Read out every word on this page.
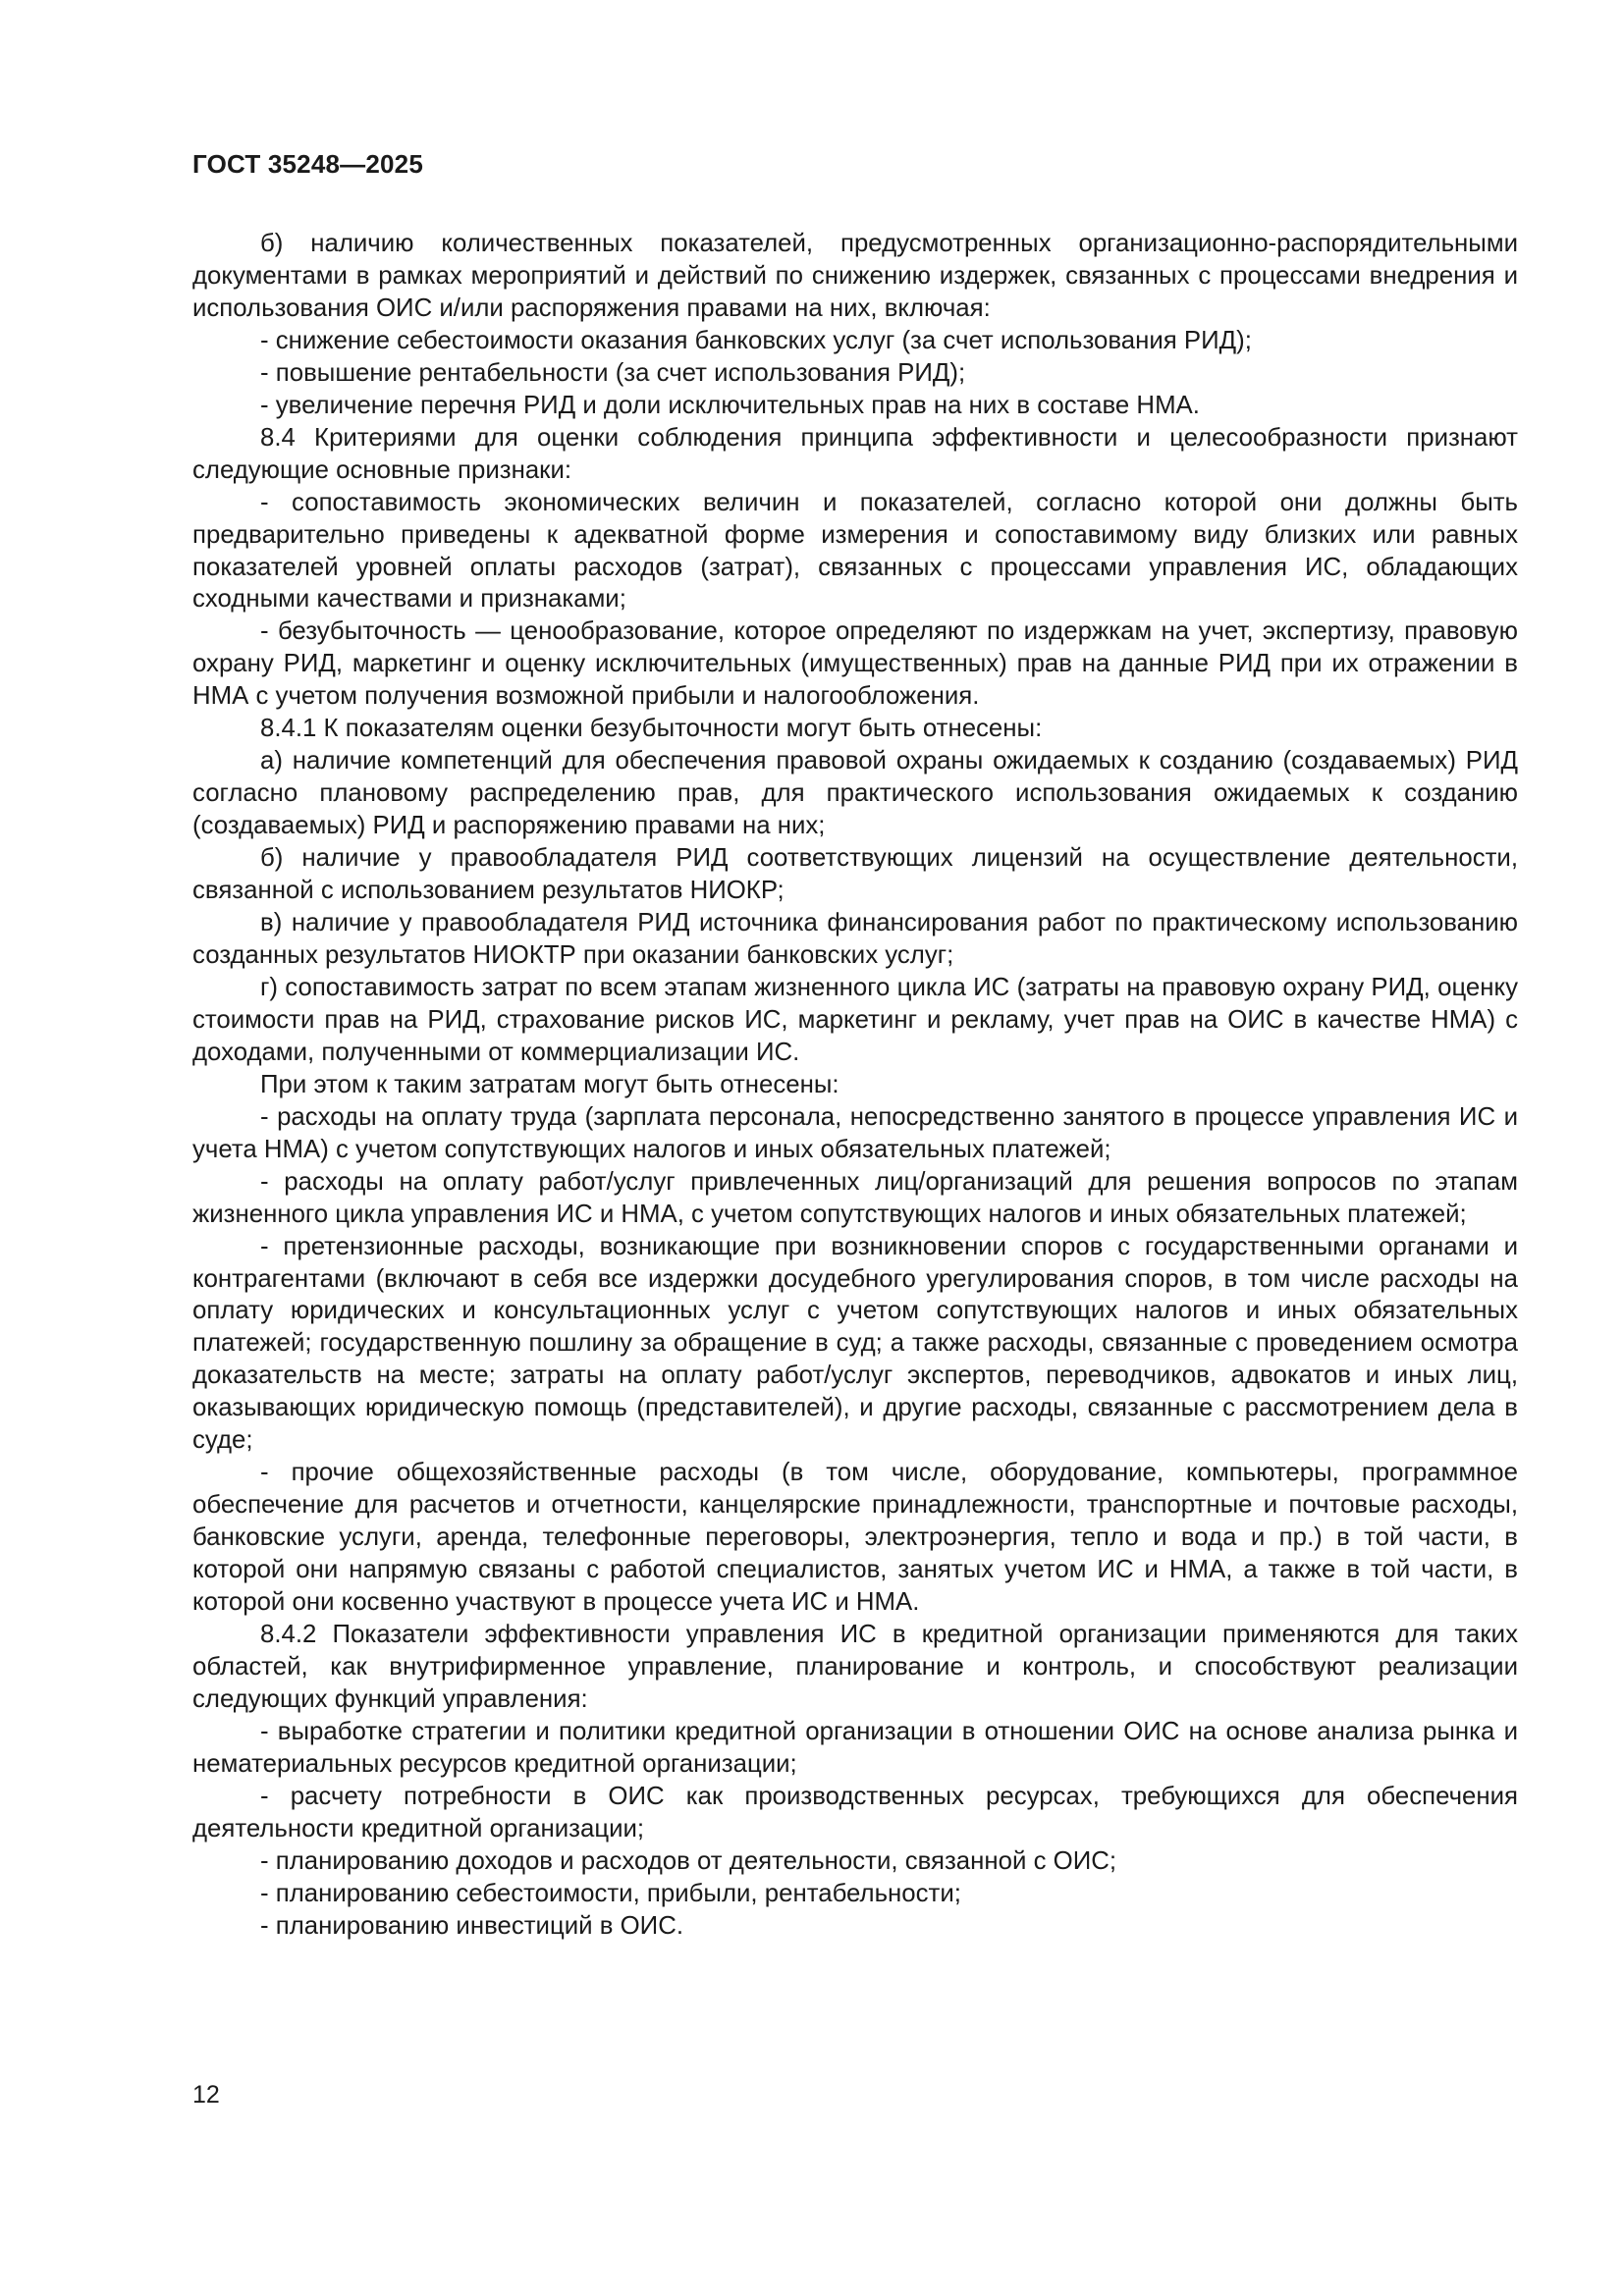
ГОСТ 35248—2025

б) наличию количественных показателей, предусмотренных организационно-распорядительными документами в рамках мероприятий и действий по снижению издержек, связанных с процессами внедрения и использования ОИС и/или распоряжения правами на них, включая:

- снижение себестоимости оказания банковских услуг (за счет использования РИД);

- повышение рентабельности (за счет использования РИД);

- увеличение перечня РИД и доли исключительных прав на них в составе НМА.

8.4 Критериями для оценки соблюдения принципа эффективности и целесообразности признают следующие основные признаки:

- сопоставимость экономических величин и показателей, согласно которой они должны быть предварительно приведены к адекватной форме измерения и сопоставимому виду близких или равных показателей уровней оплаты расходов (затрат), связанных с процессами управления ИС, обладающих сходными качествами и признаками;

- безубыточность — ценообразование, которое определяют по издержкам на учет, экспертизу, правовую охрану РИД, маркетинг и оценку исключительных (имущественных) прав на данные РИД при их отражении в НМА с учетом получения возможной прибыли и налогообложения.

8.4.1 К показателям оценки безубыточности могут быть отнесены:

а) наличие компетенций для обеспечения правовой охраны ожидаемых к созданию (создаваемых) РИД согласно плановому распределению прав, для практического использования ожидаемых к созданию (создаваемых) РИД и распоряжению правами на них;

б) наличие у правообладателя РИД соответствующих лицензий на осуществление деятельности, связанной с использованием результатов НИОКР;

в) наличие у правообладателя РИД источника финансирования работ по практическому использованию созданных результатов НИОКТР при оказании банковских услуг;

г) сопоставимость затрат по всем этапам жизненного цикла ИС (затраты на правовую охрану РИД, оценку стоимости прав на РИД, страхование рисков ИС, маркетинг и рекламу, учет прав на ОИС в качестве НМА) с доходами, полученными от коммерциализации ИС.

При этом к таким затратам могут быть отнесены:

- расходы на оплату труда (зарплата персонала, непосредственно занятого в процессе управления ИС и учета НМА) с учетом сопутствующих налогов и иных обязательных платежей;

- расходы на оплату работ/услуг привлеченных лиц/организаций для решения вопросов по этапам жизненного цикла управления ИС и НМА, с учетом сопутствующих налогов и иных обязательных платежей;

- претензионные расходы, возникающие при возникновении споров с государственными органами и контрагентами (включают в себя все издержки досудебного урегулирования споров, в том числе расходы на оплату юридических и консультационных услуг с учетом сопутствующих налогов и иных обязательных платежей; государственную пошлину за обращение в суд; а также расходы, связанные с проведением осмотра доказательств на месте; затраты на оплату работ/услуг экспертов, переводчиков, адвокатов и иных лиц, оказывающих юридическую помощь (представителей), и другие расходы, связанные с рассмотрением дела в суде;

- прочие общехозяйственные расходы (в том числе, оборудование, компьютеры, программное обеспечение для расчетов и отчетности, канцелярские принадлежности, транспортные и почтовые расходы, банковские услуги, аренда, телефонные переговоры, электроэнергия, тепло и вода и пр.) в той части, в которой они напрямую связаны с работой специалистов, занятых учетом ИС и НМА, а также в той части, в которой они косвенно участвуют в процессе учета ИС и НМА.

8.4.2 Показатели эффективности управления ИС в кредитной организации применяются для таких областей, как внутрифирменное управление, планирование и контроль, и способствуют реализации следующих функций управления:

- выработке стратегии и политики кредитной организации в отношении ОИС на основе анализа рынка и нематериальных ресурсов кредитной организации;

- расчету потребности в ОИС как производственных ресурсах, требующихся для обеспечения деятельности кредитной организации;

- планированию доходов и расходов от деятельности, связанной с ОИС;

- планированию себестоимости, прибыли, рентабельности;

- планированию инвестиций в ОИС.

12
